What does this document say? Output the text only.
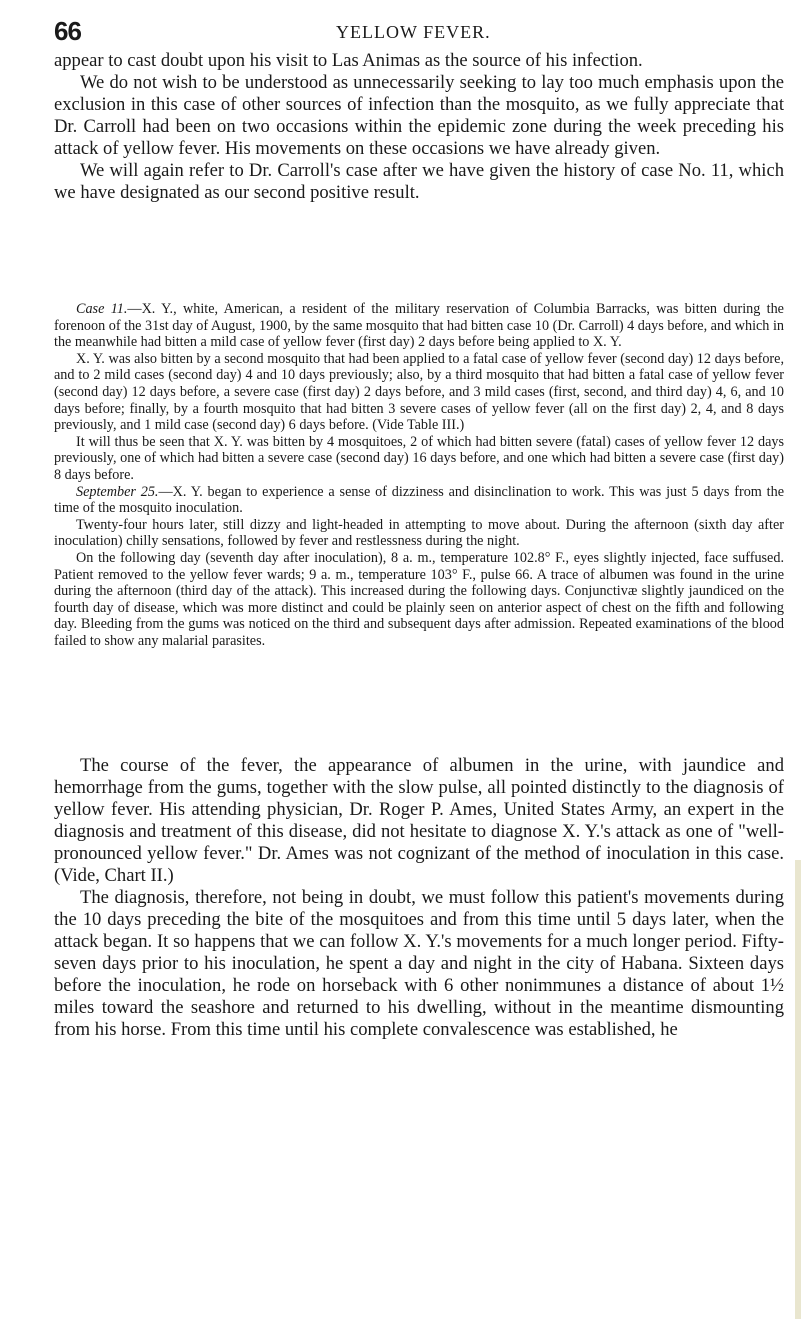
66	YELLOW FEVER.

appear to cast doubt upon his visit to Las Animas as the source of his infection.

We do not wish to be understood as unnecessarily seeking to lay too much emphasis upon the exclusion in this case of other sources of infection than the mosquito, as we fully appreciate that Dr. Carroll had been on two occasions within the epidemic zone during the week preceding his attack of yellow fever. His movements on these occasions we have already given.

We will again refer to Dr. Carroll's case after we have given the history of case No. 11, which we have designated as our second positive result.

Case 11.—X. Y., white, American, a resident of the military reservation of Columbia Barracks, was bitten during the forenoon of the 31st day of August, 1900, by the same mosquito that had bitten case 10 (Dr. Carroll) 4 days before, and which in the meanwhile had bitten a mild case of yellow fever (first day) 2 days before being applied to X. Y.

X. Y. was also bitten by a second mosquito that had been applied to a fatal case of yellow fever (second day) 12 days before, and to 2 mild cases (second day) 4 and 10 days previously; also, by a third mosquito that had bitten a fatal case of yellow fever (second day) 12 days before, a severe case (first day) 2 days before, and 3 mild cases (first, second, and third day) 4, 6, and 10 days before; finally, by a fourth mosquito that had bitten 3 severe cases of yellow fever (all on the first day) 2, 4, and 8 days previously, and 1 mild case (second day) 6 days before. (Vide Table III.)

It will thus be seen that X. Y. was bitten by 4 mosquitoes, 2 of which had bitten severe (fatal) cases of yellow fever 12 days previously, one of which had bitten a severe case (second day) 16 days before, and one which had bitten a severe case (first day) 8 days before.

September 25.—X. Y. began to experience a sense of dizziness and disinclination to work. This was just 5 days from the time of the mosquito inoculation.

Twenty-four hours later, still dizzy and light-headed in attempting to move about. During the afternoon (sixth day after inoculation) chilly sensations, followed by fever and restlessness during the night.

On the following day (seventh day after inoculation), 8 a. m., temperature 102.8° F., eyes slightly injected, face suffused. Patient removed to the yellow fever wards; 9 a. m., temperature 103° F., pulse 66. A trace of albumen was found in the urine during the afternoon (third day of the attack). This increased during the following days. Conjunctivæ slightly jaundiced on the fourth day of disease, which was more distinct and could be plainly seen on anterior aspect of chest on the fifth and following day. Bleeding from the gums was noticed on the third and subsequent days after admission. Repeated examinations of the blood failed to show any malarial parasites.

The course of the fever, the appearance of albumen in the urine, with jaundice and hemorrhage from the gums, together with the slow pulse, all pointed distinctly to the diagnosis of yellow fever. His attending physician, Dr. Roger P. Ames, United States Army, an expert in the diagnosis and treatment of this disease, did not hesitate to diagnose X. Y.'s attack as one of "well-pronounced yellow fever." Dr. Ames was not cognizant of the method of inoculation in this case. (Vide, Chart II.)

The diagnosis, therefore, not being in doubt, we must follow this patient's movements during the 10 days preceding the bite of the mosquitoes and from this time until 5 days later, when the attack began. It so happens that we can follow X. Y.'s movements for a much longer period. Fifty-seven days prior to his inoculation, he spent a day and night in the city of Habana. Sixteen days before the inoculation, he rode on horseback with 6 other nonimmunes a distance of about 1½ miles toward the seashore and returned to his dwelling, without in the meantime dismounting from his horse. From this time until his complete convalescence was established, he
